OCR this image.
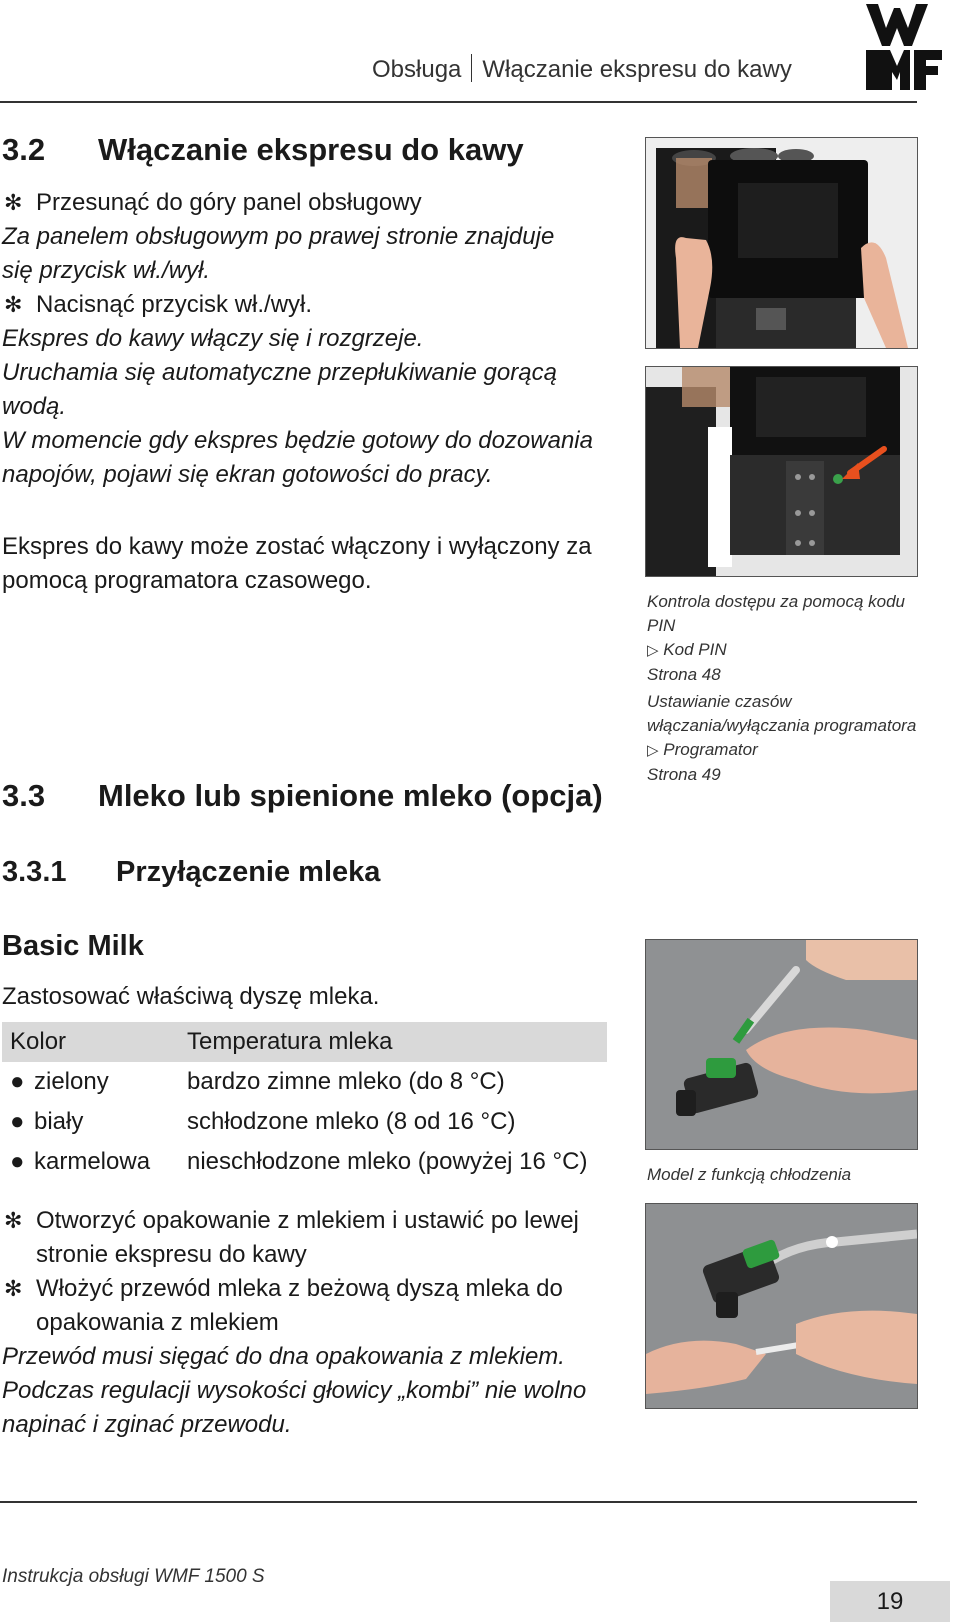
Obsługa Włączanie ekspresu do kawy
3.2 Włączanie ekspresu do kawy
✻ Przesunąć do góry panel obsługowy
Za panelem obsługowym po prawej stronie znajduje
się przycisk wł./wył.
✻ Nacisnąć przycisk wł./wył.
Ekspres do kawy włączy się i rozgrzeje.
Uruchamia się automatyczne przepłukiwanie gorącą
wodą.
W momencie gdy ekspres będzie gotowy do dozowania
napojów, pojawi się ekran gotowości do pracy.
Ekspres do kawy może zostać włączony i wyłączony za
pomocą programatora czasowego.
Kontrola dostępu za pomocą kodu
PIN
▷ Kod PIN
Strona 48
Ustawianie czasów
włączania/wyłączania programatora
▷ Programator
Strona 49
3.3 Mleko lub spienione mleko (opcja)
3.3.1 Przyłączenie mleka
Basic Milk
Zastosować właściwą dyszę mleka.
Kolor	Temperatura mleka
● zielony	bardzo zimne mleko (do 8 °C)
● biały	schłodzone mleko (8 od 16 °C)
● karmelowa	nieschłodzone mleko (powyżej 16 °C)
✻ Otworzyć opakowanie z mlekiem i ustawić po lewej
stronie ekspresu do kawy
✻ Włożyć przewód mleka z beżową dyszą mleka do
opakowania z mlekiem
Przewód musi sięgać do dna opakowania z mlekiem.
Podczas regulacji wysokości głowicy „kombi” nie wolno
napinać i zginać przewodu.
Model z funkcją chłodzenia
Instrukcja obsługi WMF 1500 S
19
